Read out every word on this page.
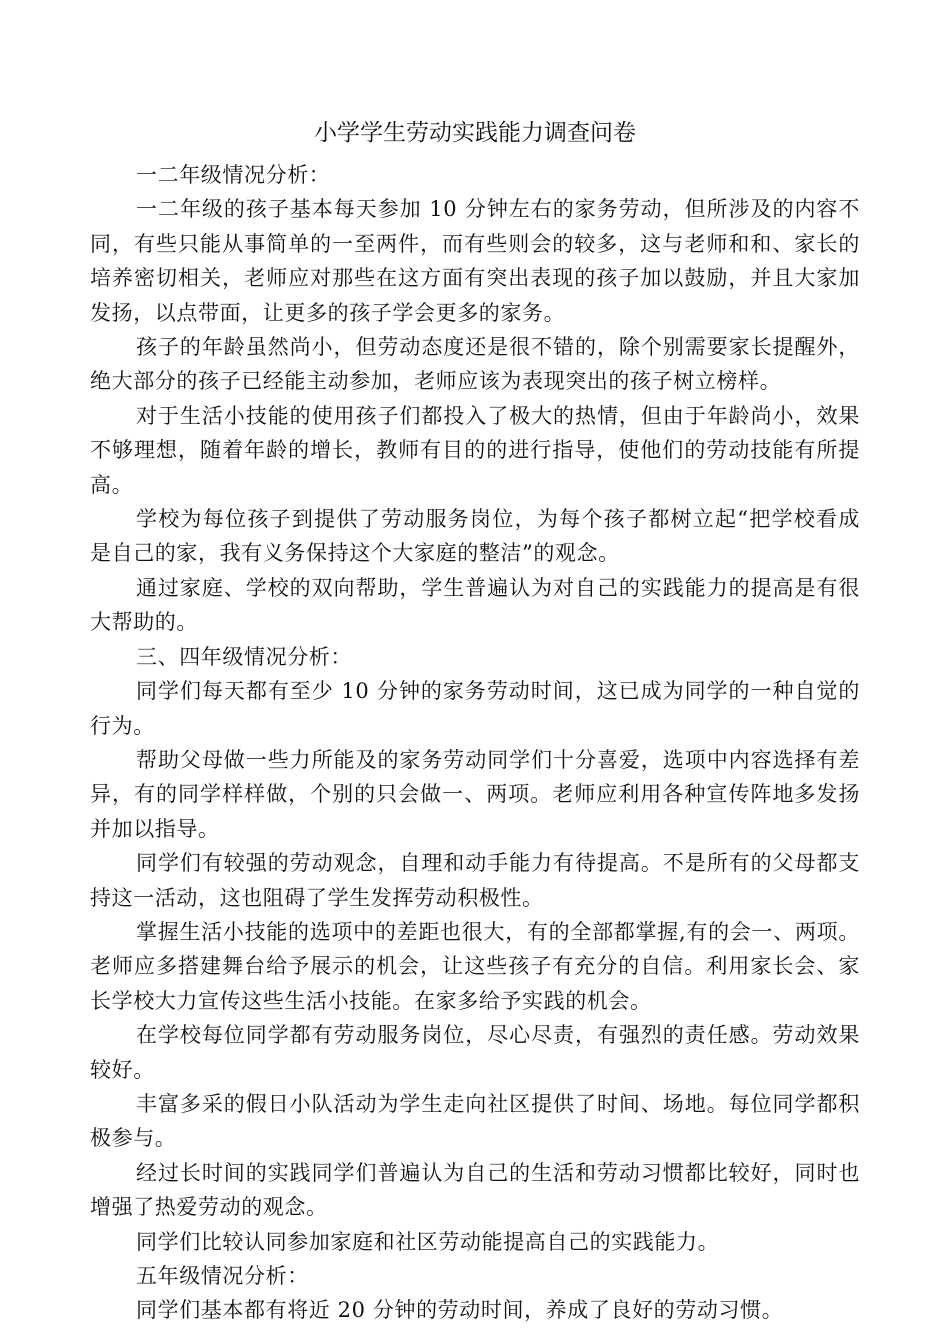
小学学生劳动实践能力调查问卷

一二年级情况分析：

一二年级的孩子基本每天参加 10 分钟左右的家务劳动，但所涉及的内容不同，有些只能从事简单的一至两件，而有些则会的较多，这与老师和和、家长的培养密切相关，老师应对那些在这方面有突出表现的孩子加以鼓励，并且大家加发扬，以点带面，让更多的孩子学会更多的家务。

孩子的年龄虽然尚小，但劳动态度还是很不错的，除个别需要家长提醒外，绝大部分的孩子已经能主动参加，老师应该为表现突出的孩子树立榜样。

对于生活小技能的使用孩子们都投入了极大的热情，但由于年龄尚小，效果不够理想，随着年龄的增长，教师有目的的进行指导，使他们的劳动技能有所提高。

学校为每位孩子到提供了劳动服务岗位，为每个孩子都树立起“把学校看成是自己的家，我有义务保持这个大家庭的整洁”的观念。

通过家庭、学校的双向帮助，学生普遍认为对自己的实践能力的提高是有很大帮助的。

三、四年级情况分析：

同学们每天都有至少 10 分钟的家务劳动时间，这已成为同学的一种自觉的行为。

帮助父母做一些力所能及的家务劳动同学们十分喜爱，选项中内容选择有差异，有的同学样样做，个别的只会做一、两项。老师应利用各种宣传阵地多发扬并加以指导。

同学们有较强的劳动观念，自理和动手能力有待提高。不是所有的父母都支持这一活动，这也阻碍了学生发挥劳动积极性。

掌握生活小技能的选项中的差距也很大，有的全部都掌握,有的会一、两项。老师应多搭建舞台给予展示的机会，让这些孩子有充分的自信。利用家长会、家长学校大力宣传这些生活小技能。在家多给予实践的机会。

在学校每位同学都有劳动服务岗位，尽心尽责，有强烈的责任感。劳动效果较好。

丰富多采的假日小队活动为学生走向社区提供了时间、场地。每位同学都积极参与。

经过长时间的实践同学们普遍认为自己的生活和劳动习惯都比较好，同时也增强了热爱劳动的观念。

同学们比较认同参加家庭和社区劳动能提高自己的实践能力。

五年级情况分析：

同学们基本都有将近 20 分钟的劳动时间，养成了良好的劳动习惯。
